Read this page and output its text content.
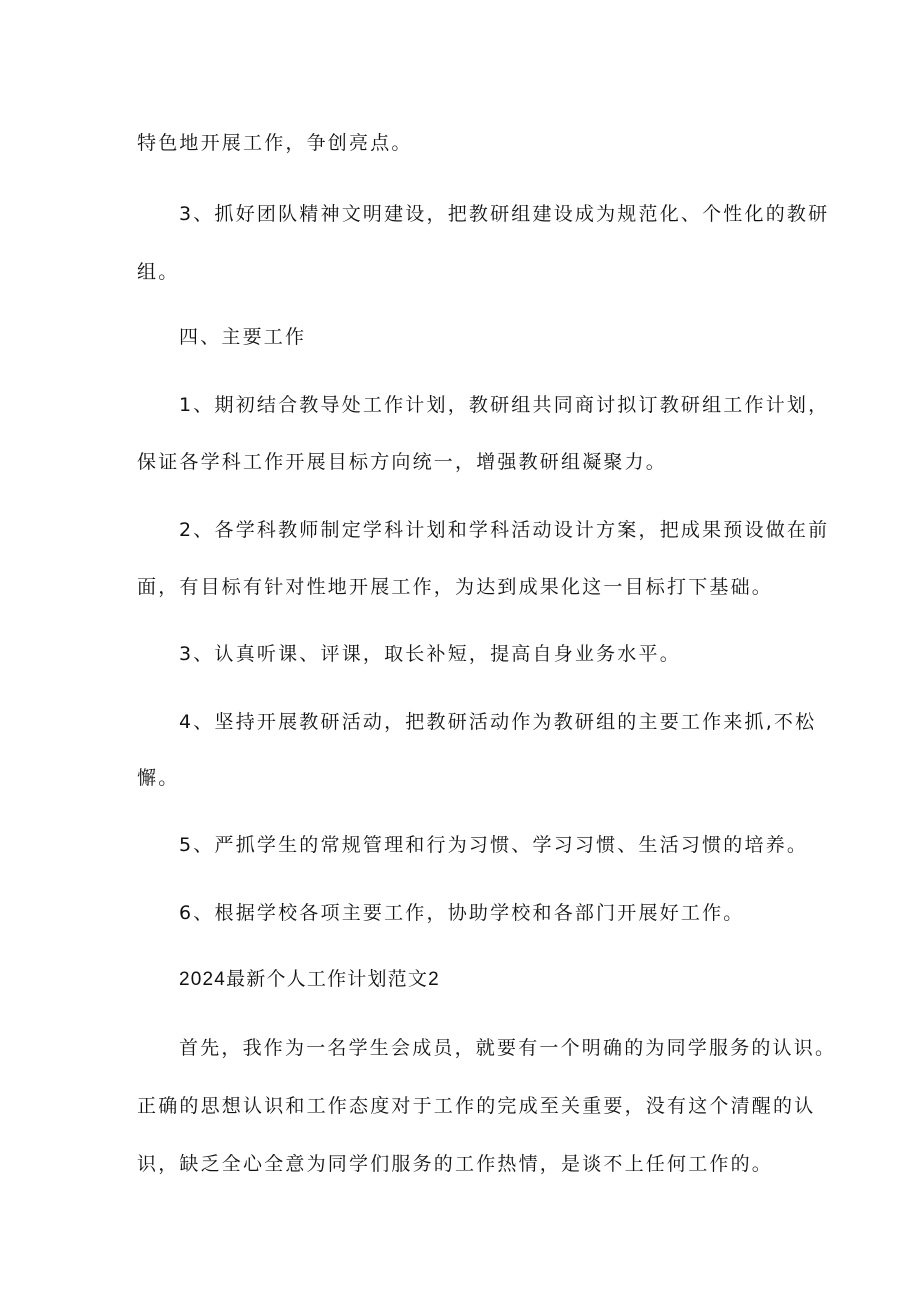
特色地开展工作，争创亮点。
3、抓好团队精神文明建设，把教研组建设成为规范化、个性化的教研
组。
四、主要工作
1、期初结合教导处工作计划，教研组共同商讨拟订教研组工作计划，
保证各学科工作开展目标方向统一，增强教研组凝聚力。
2、各学科教师制定学科计划和学科活动设计方案，把成果预设做在前
面，有目标有针对性地开展工作，为达到成果化这一目标打下基础。
3、认真听课、评课，取长补短，提高自身业务水平。
4、坚持开展教研活动，把教研活动作为教研组的主要工作来抓,不松
懈。
5、严抓学生的常规管理和行为习惯、学习习惯、生活习惯的培养。
6、根据学校各项主要工作，协助学校和各部门开展好工作。
2024最新个人工作计划范文2
首先，我作为一名学生会成员，就要有一个明确的为同学服务的认识。
正确的思想认识和工作态度对于工作的完成至关重要，没有这个清醒的认
识，缺乏全心全意为同学们服务的工作热情，是谈不上任何工作的。
